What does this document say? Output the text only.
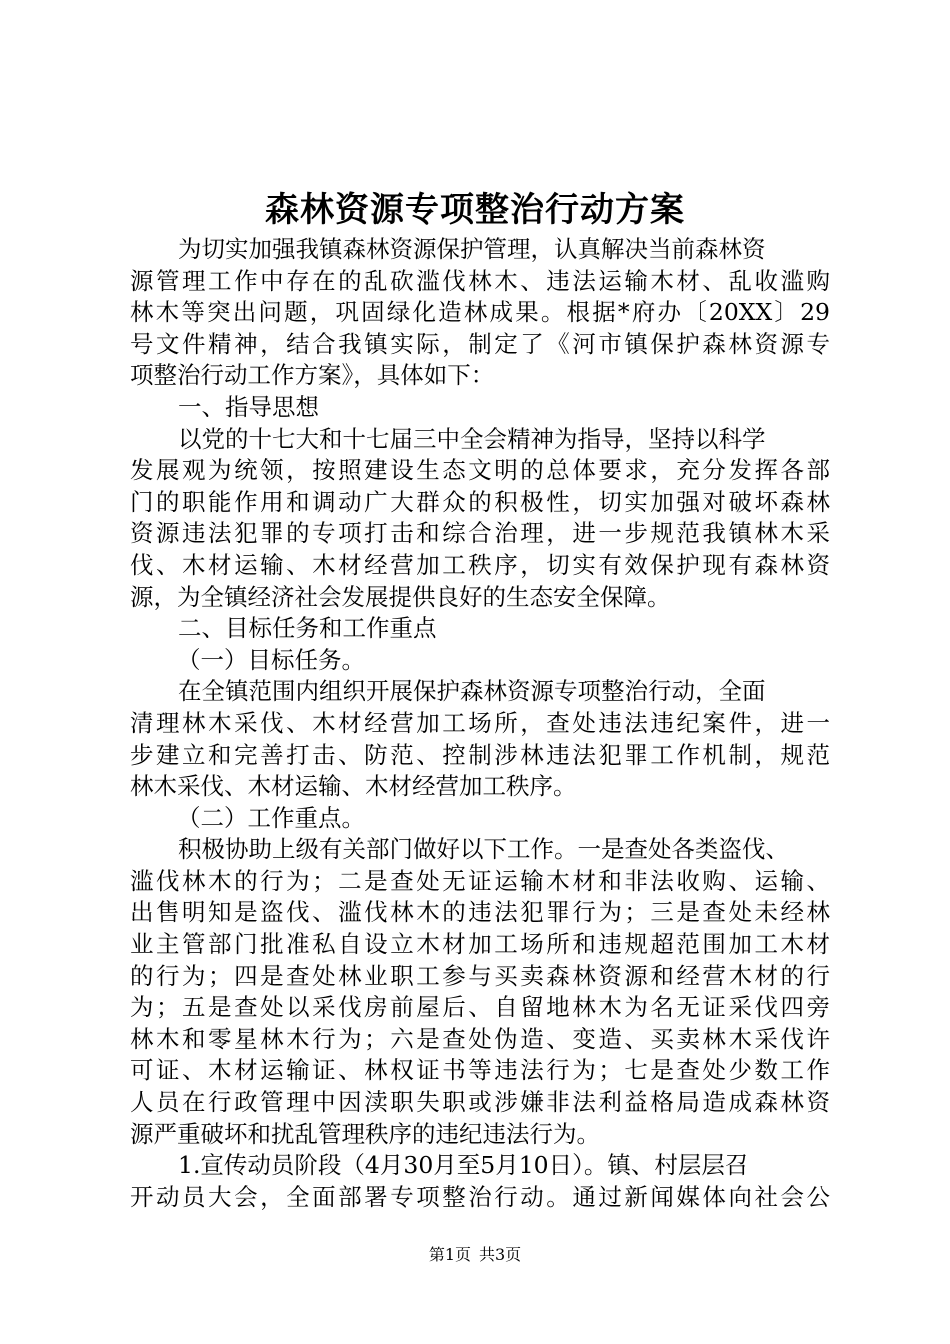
森林资源专项整治行动方案
为切实加强我镇森林资源保护管理，认真解决当前森林资
源管理工作中存在的乱砍滥伐林木、违法运输木材、乱收滥购
林木等突出问题，巩固绿化造林成果。根据*府办〔20XX〕29
号文件精神，结合我镇实际，制定了《河市镇保护森林资源专
项整治行动工作方案》，具体如下：
一、指导思想
以党的十七大和十七届三中全会精神为指导，坚持以科学
发展观为统领，按照建设生态文明的总体要求，充分发挥各部
门的职能作用和调动广大群众的积极性，切实加强对破坏森林
资源违法犯罪的专项打击和综合治理，进一步规范我镇林木采
伐、木材运输、木材经营加工秩序，切实有效保护现有森林资
源，为全镇经济社会发展提供良好的生态安全保障。
二、目标任务和工作重点
（一）目标任务。
在全镇范围内组织开展保护森林资源专项整治行动，全面
清理林木采伐、木材经营加工场所，查处违法违纪案件，进一
步建立和完善打击、防范、控制涉林违法犯罪工作机制，规范
林木采伐、木材运输、木材经营加工秩序。
（二）工作重点。
积极协助上级有关部门做好以下工作。一是查处各类盗伐、
滥伐林木的行为；二是查处无证运输木材和非法收购、运输、
出售明知是盗伐、滥伐林木的违法犯罪行为；三是查处未经林
业主管部门批准私自设立木材加工场所和违规超范围加工木材
的行为；四是查处林业职工参与买卖森林资源和经营木材的行
为；五是查处以采伐房前屋后、自留地林木为名无证采伐四旁
林木和零星林木行为；六是查处伪造、变造、买卖林木采伐许
可证、木材运输证、林权证书等违法行为；七是查处少数工作
人员在行政管理中因渎职失职或涉嫌非法利益格局造成森林资
源严重破坏和扰乱管理秩序的违纪违法行为。
1.宣传动员阶段（4月30月至5月10日）。镇、村层层召
开动员大会，全面部署专项整治行动。通过新闻媒体向社会公
第1页 共3页
